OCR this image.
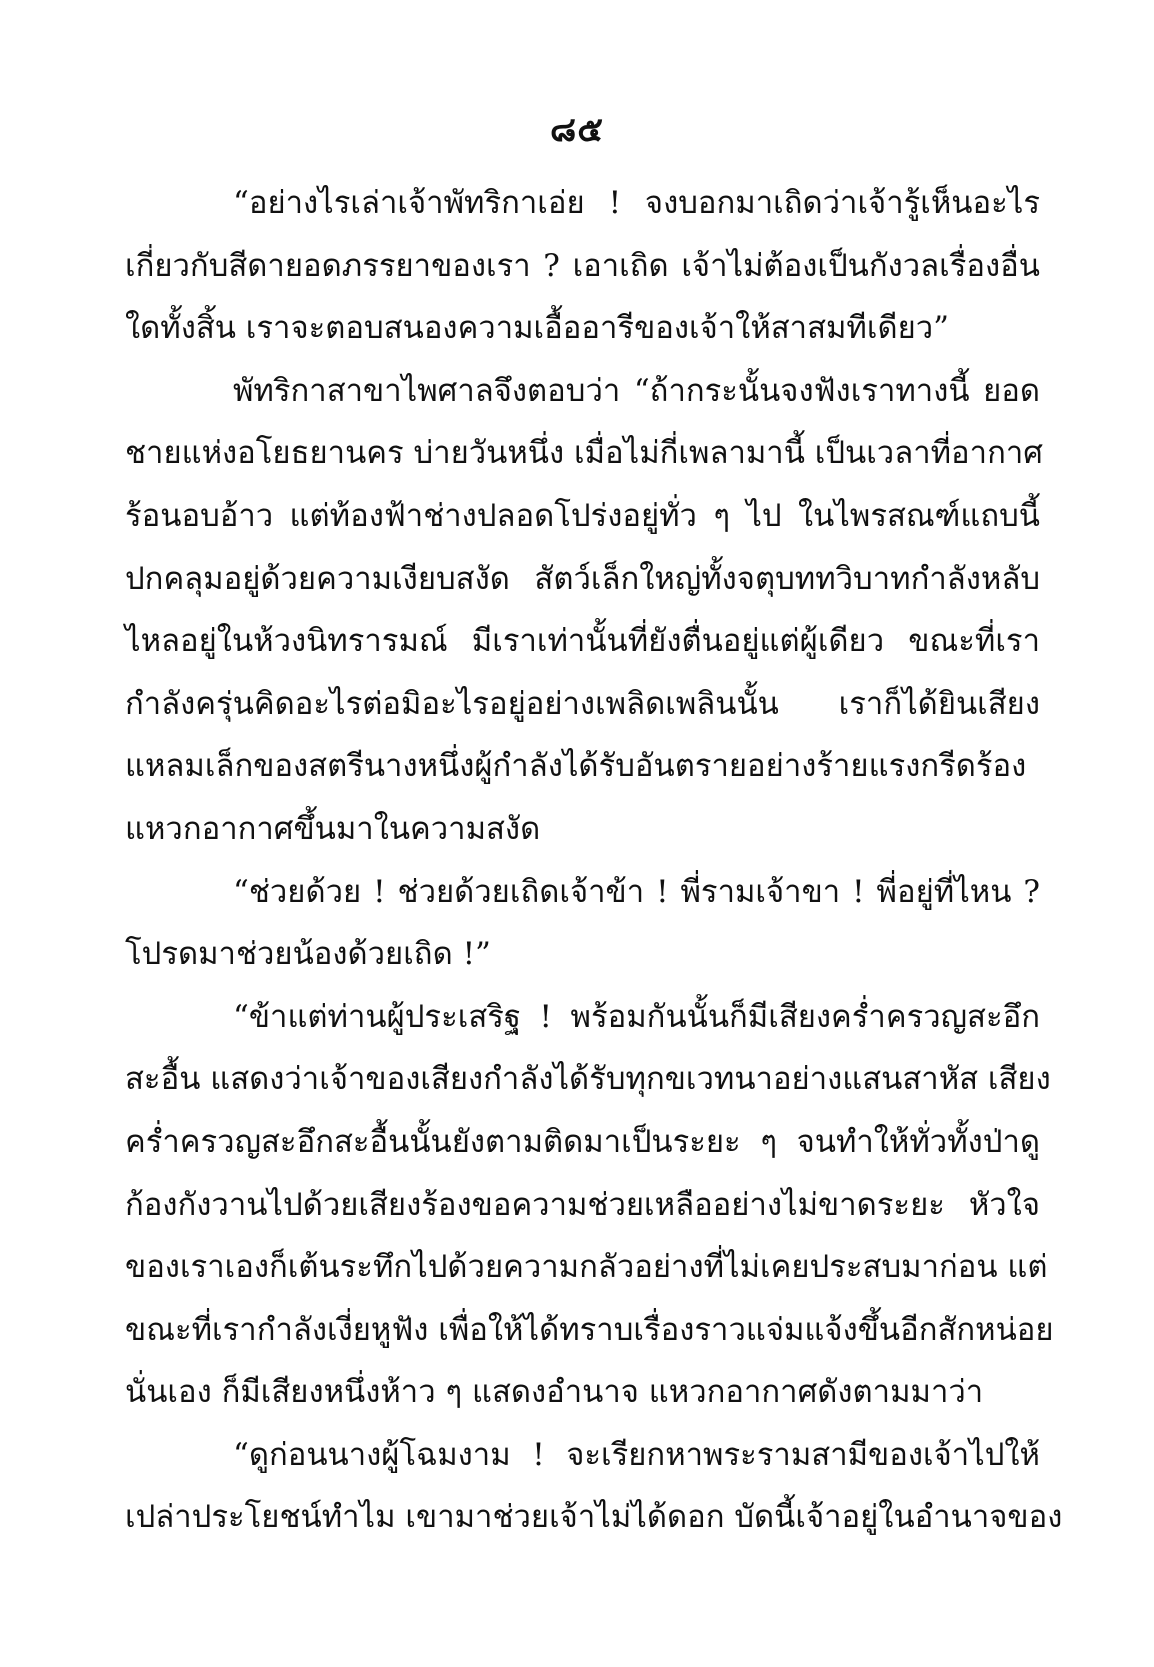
๘๕
“อย่างไรเล่าเจ้าพัทริกาเอ่ย ! จงบอกมาเถิดว่าเจ้ารู้เห็นอะไร
เกี่ยวกับสีดายอดภรรยาของเรา ? เอาเถิด เจ้าไม่ต้องเป็นกังวลเรื่องอื่น
ใดทั้งสิ้น เราจะตอบสนองความเอื้ออารีของเจ้าให้สาสมทีเดียว”
พัทริกาสาขาไพศาลจึงตอบว่า “ถ้ากระนั้นจงฟังเราทางนี้ ยอด
ชายแห่งอโยธยานคร บ่ายวันหนึ่ง เมื่อไม่กี่เพลามานี้ เป็นเวลาที่อากาศ
ร้อนอบอ้าว แต่ท้องฟ้าช่างปลอดโปร่งอยู่ทั่ว ๆ ไป ในไพรสณฑ์แถบนี้
ปกคลุมอยู่ด้วยความเงียบสงัด สัตว์เล็กใหญ่ทั้งจตุบททวิบาทกำลังหลับ
ไหลอยู่ในห้วงนิทรารมณ์ มีเราเท่านั้นที่ยังตื่นอยู่แต่ผู้เดียว ขณะที่เรา
กำลังครุ่นคิดอะไรต่อมิอะไรอยู่อย่างเพลิดเพลินนั้น เราก็ได้ยินเสียง
แหลมเล็กของสตรีนางหนึ่งผู้กำลังได้รับอันตรายอย่างร้ายแรงกรีดร้อง
แหวกอากาศขึ้นมาในความสงัด
“ช่วยด้วย ! ช่วยด้วยเถิดเจ้าข้า ! พี่รามเจ้าขา ! พี่อยู่ที่ไหน ?
โปรดมาช่วยน้องด้วยเถิด !”
“ข้าแต่ท่านผู้ประเสริฐ ! พร้อมกันนั้นก็มีเสียงคร่ำครวญสะอึก
สะอื้น แสดงว่าเจ้าของเสียงกำลังได้รับทุกขเวทนาอย่างแสนสาหัส เสียง
คร่ำครวญสะอึกสะอื้นนั้นยังตามติดมาเป็นระยะ ๆ จนทำให้ทั่วทั้งป่าดู
ก้องกังวานไปด้วยเสียงร้องขอความช่วยเหลืออย่างไม่ขาดระยะ หัวใจ
ของเราเองก็เต้นระทึกไปด้วยความกลัวอย่างที่ไม่เคยประสบมาก่อน แต่
ขณะที่เรากำลังเงี่ยหูฟัง เพื่อให้ได้ทราบเรื่องราวแจ่มแจ้งขึ้นอีกสักหน่อย
นั่นเอง ก็มีเสียงหนึ่งห้าว ๆ แสดงอำนาจ แหวกอากาศดังตามมาว่า
“ดูก่อนนางผู้โฉมงาม ! จะเรียกหาพระรามสามีของเจ้าไปให้
เปล่าประโยชน์ทำไม เขามาช่วยเจ้าไม่ได้ดอก บัดนี้เจ้าอยู่ในอำนาจของ
